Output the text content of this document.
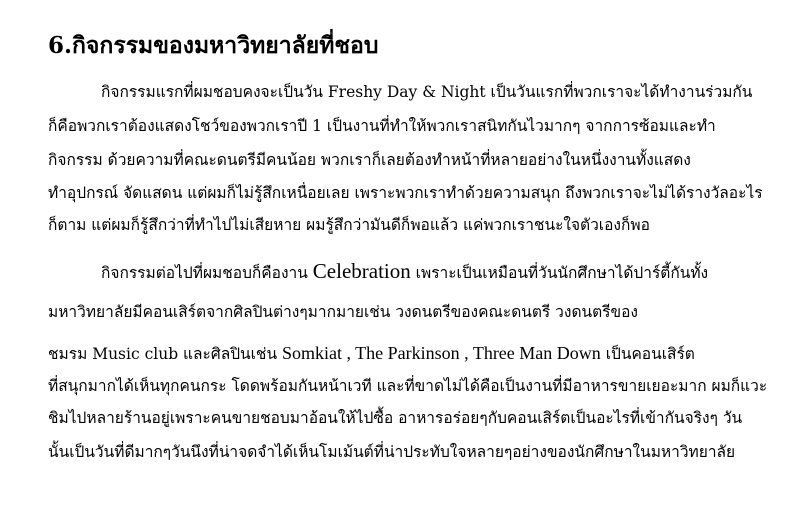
6.กิจกรรมของมหาวิทยาลัยที่ชอบ
กิจกรรมแรกที่ผมชอบคงจะเป็นวัน Freshy Day & Night เป็นวันแรกที่พวกเราจะได้ทำงานร่วมกัน
ก็คือพวกเราต้องแสดงโชว์ของพวกเราปี 1 เป็นงานที่ทำให้พวกเราสนิทกันไวมากๆ จากการซ้อมและทำ
กิจกรรม ด้วยความที่คณะดนตรีมีคนน้อย พวกเราก็เลยต้องทำหน้าที่หลายอย่างในหนึ่งงานทั้งแสดง
ทำอุปกรณ์ จัดแสดน แต่ผมก็ไม่รู้สึกเหนื่อยเลย เพราะพวกเราทำด้วยความสนุก ถึงพวกเราจะไม่ได้รางวัลอะไร
ก็ตาม แต่ผมก็รู้สึกว่าที่ทำไปไม่เสียหาย ผมรู้สึกว่ามันดีก็พอแล้ว แค่พวกเราชนะใจตัวเองก็พอ
กิจกรรมต่อไปที่ผมชอบก็คืองาน Celebration เพราะเป็นเหมือนที่วันนักศึกษาได้ปาร์ตี้กันทั้ง
มหาวิทยาลัยมีคอนเสิร์ตจากศิลปินต่างๆมากมายเช่น วงดนตรีของคณะดนตรี วงดนตรีของ
ชมรม Music club และศิลปินเช่น Somkiat , The Parkinson , Three Man Down เป็นคอนเสิร์ต
ที่สนุกมากได้เห็นทุกคนกระ โดดพร้อมกันหน้าเวที และที่ขาดไม่ได้คือเป็นงานที่มีอาหารขายเยอะมาก ผมก็แวะ
ชิมไปหลายร้านอยู่เพราะคนขายชอบมาอ้อนให้ไปซื้อ อาหารอร่อยๆกับคอนเสิร์ตเป็นอะไรที่เข้ากันจริงๆ วัน
นั้นเป็นวันที่ดีมากๆวันนึงที่น่าจดจำได้เห็นโมเม้นต์ที่น่าประทับใจหลายๆอย่างของนักศึกษาในมหาวิทยาลัย
